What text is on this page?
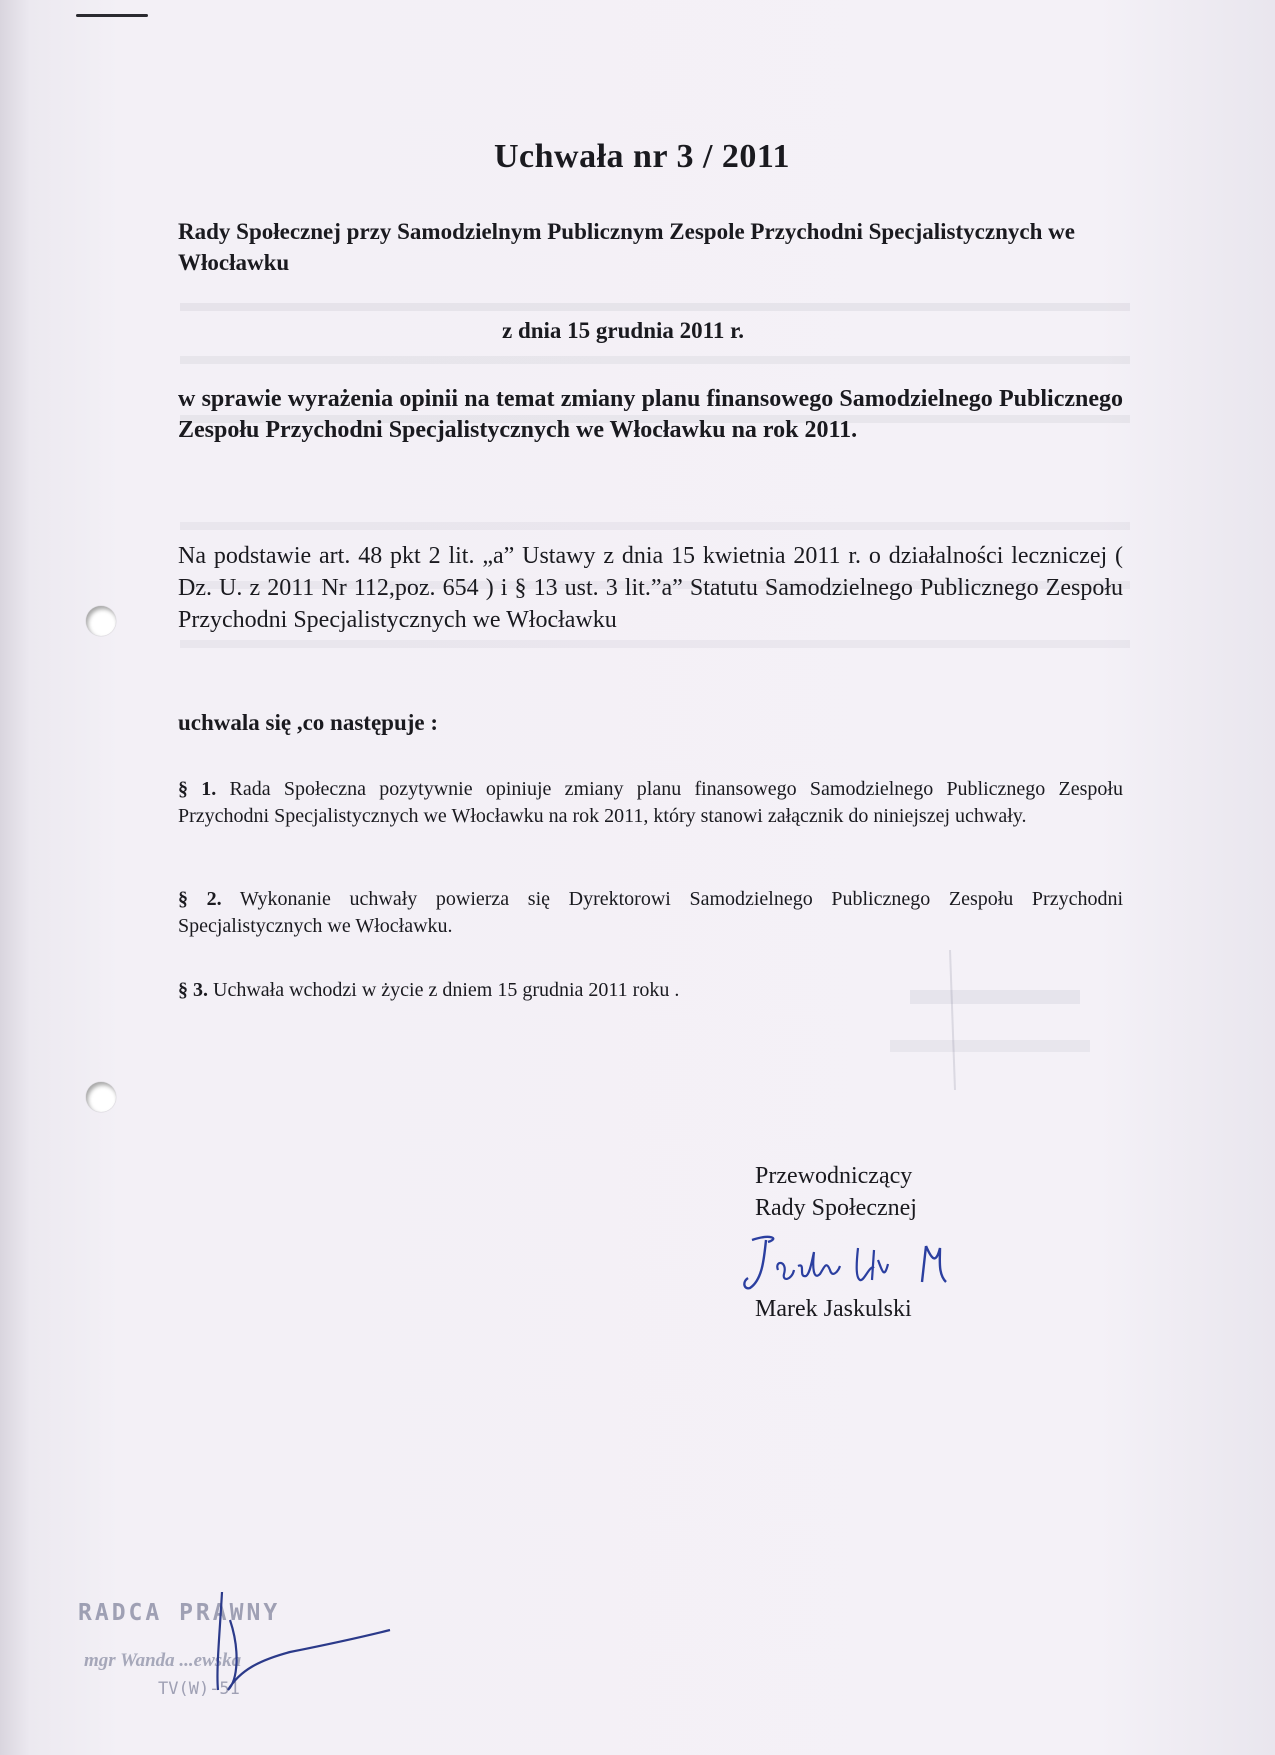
Uchwała nr 3 / 2011
Rady Społecznej przy Samodzielnym Publicznym Zespole Przychodni Specjalistycznych we Włocławku
z dnia 15 grudnia 2011 r.
w sprawie wyrażenia opinii na temat zmiany planu finansowego Samodzielnego Publicznego Zespołu Przychodni Specjalistycznych we Włocławku na rok 2011.
Na podstawie art. 48 pkt 2 lit. „a” Ustawy z dnia 15 kwietnia 2011 r. o działalności leczniczej ( Dz. U. z 2011 Nr 112,poz. 654 ) i § 13 ust. 3 lit.”a” Statutu Samodzielnego Publicznego Zespołu Przychodni Specjalistycznych we Włocławku
uchwala się ,co następuje :
§ 1. Rada Społeczna pozytywnie opiniuje zmiany planu finansowego Samodzielnego Publicznego Zespołu Przychodni Specjalistycznych we Włocławku na rok 2011, który stanowi załącznik do niniejszej uchwały.
§ 2. Wykonanie uchwały powierza się Dyrektorowi Samodzielnego Publicznego Zespołu Przychodni Specjalistycznych we Włocławku.
§ 3. Uchwała wchodzi w życie z dniem 15 grudnia 2011 roku .
Przewodniczący
Rady Społecznej
Marek Jaskulski
RADCA PRAWNY
mgr Wanda ...ewska
TV(W)-51
